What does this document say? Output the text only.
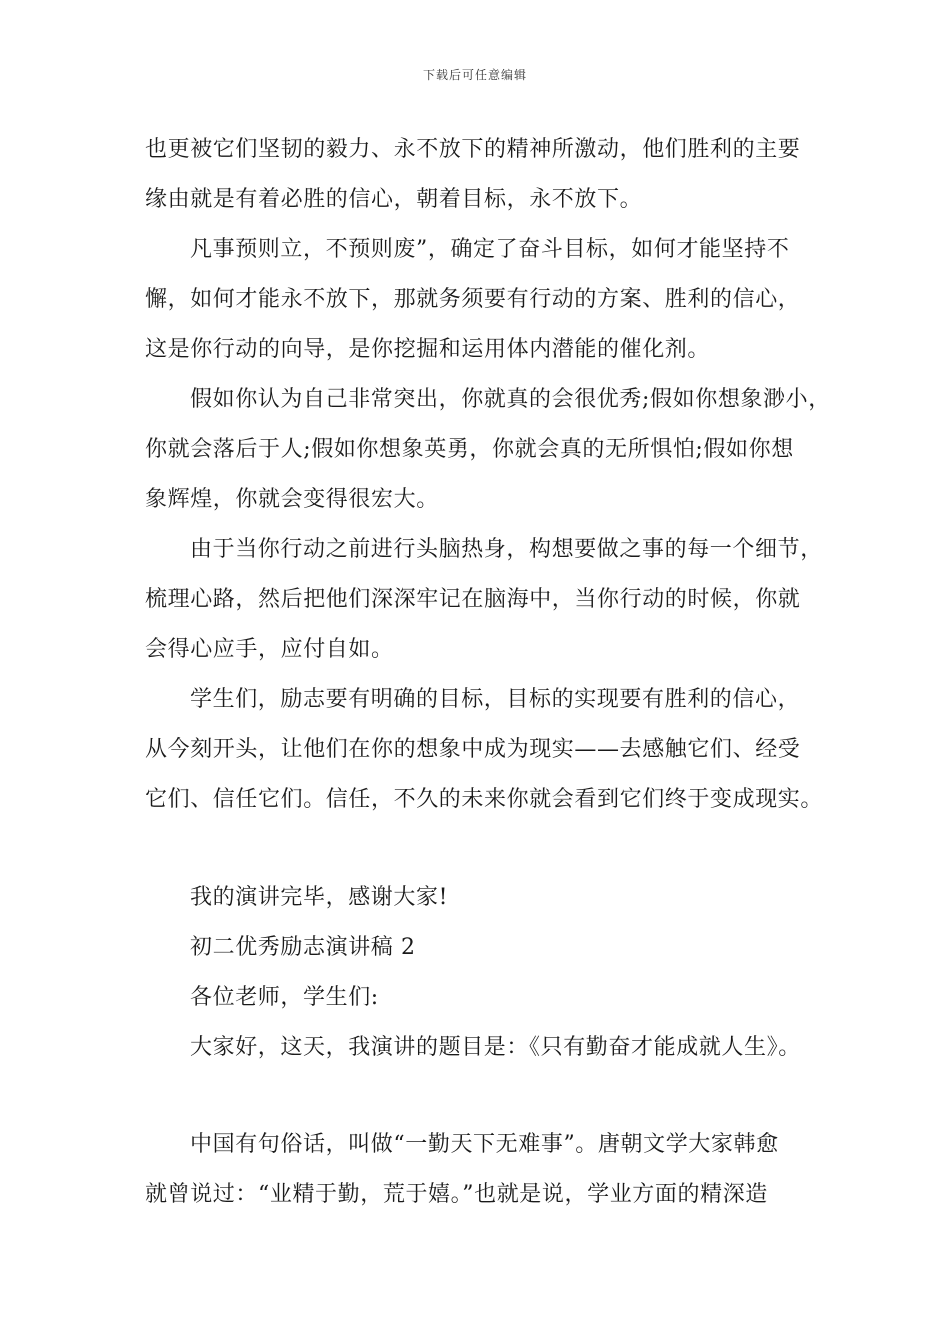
下载后可任意编辑
也更被它们坚韧的毅力、永不放下的精神所激动，他们胜利的主要
缘由就是有着必胜的信心，朝着目标，永不放下。
凡事预则立，不预则废”，确定了奋斗目标，如何才能坚持不
懈，如何才能永不放下，那就务须要有行动的方案、胜利的信心，
这是你行动的向导，是你挖掘和运用体内潜能的催化剂。
假如你认为自己非常突出，你就真的会很优秀;假如你想象渺小，
你就会落后于人;假如你想象英勇，你就会真的无所惧怕;假如你想
象辉煌，你就会变得很宏大。
由于当你行动之前进行头脑热身，构想要做之事的每一个细节，
梳理心路，然后把他们深深牢记在脑海中，当你行动的时候，你就
会得心应手，应付自如。
学生们，励志要有明确的目标，目标的实现要有胜利的信心，
从今刻开头，让他们在你的想象中成为现实——去感触它们、经受
它们、信任它们。信任，不久的未来你就会看到它们终于变成现实。
我的演讲完毕，感谢大家!
初二优秀励志演讲稿 2
各位老师，学生们:
大家好，这天，我演讲的题目是：《只有勤奋才能成就人生》。
中国有句俗话，叫做“一勤天下无难事”。唐朝文学大家韩愈
就曾说过：“业精于勤，荒于嬉。”也就是说，学业方面的精深造
